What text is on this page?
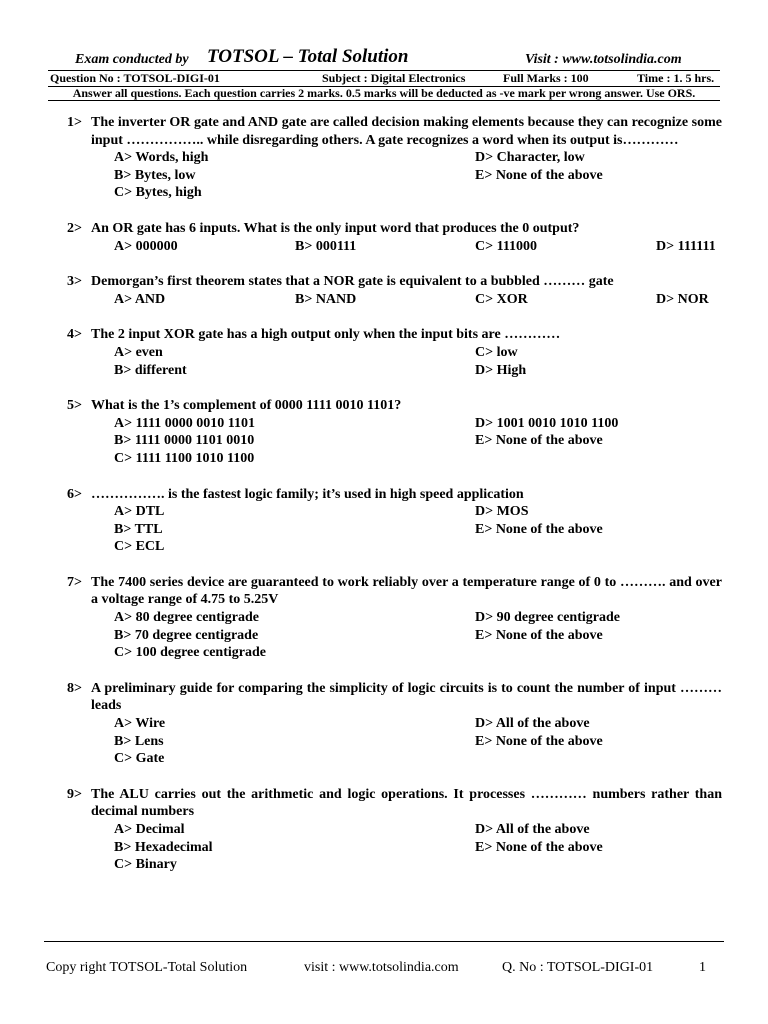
Exam conducted by TOTSOL – Total Solution	Visit : www.totsolindia.com
Question No : TOTSOL-DIGI-01	Subject : Digital Electronics	Full Marks : 100	Time : 1. 5 hrs.
Answer all questions. Each question carries 2 marks. 0.5 marks will be deducted as -ve mark per wrong answer. Use ORS.
1> The inverter OR gate and AND gate are called decision making elements because they can recognize some input …………….. while disregarding others. A gate recognizes a word when its output is…………
A> Words, high	D> Character, low
B> Bytes, low	E> None of the above
C> Bytes, high
2> An OR gate has 6 inputs. What is the only input word that produces the 0 output?
A> 000000	B> 000111	C> 111000	D> 111111
3> Demorgan’s first theorem states that a NOR gate is equivalent to a bubbled ……… gate
A> AND	B> NAND	C> XOR	D> NOR
4> The 2 input XOR gate has a high output only when the input bits are …………
A> even	C> low
B> different	D> High
5> What is the 1’s complement of 0000 1111 0010 1101?
A> 1111 0000 0010 1101	D> 1001 0010 1010 1100
B> 1111 0000 1101 0010	E> None of the above
C> 1111 1100 1010 1100
6> ……………. is the fastest logic family; it’s used in high speed application
A> DTL	D> MOS
B> TTL	E> None of the above
C> ECL
7> The 7400 series device are guaranteed to work reliably over a temperature range of 0 to ………. and over a voltage range of 4.75 to 5.25V
A> 80 degree centigrade	D> 90 degree centigrade
B> 70 degree centigrade	E> None of the above
C> 100 degree centigrade
8> A preliminary guide for comparing the simplicity of logic circuits is to count the number of input ……… leads
A> Wire	D> All of the above
B> Lens	E> None of the above
C> Gate
9> The ALU carries out the arithmetic and logic operations. It processes ………… numbers rather than decimal numbers
A> Decimal	D> All of the above
B> Hexadecimal	E> None of the above
C> Binary
Copy right TOTSOL-Total Solution	visit : www.totsolindia.com	Q. No : TOTSOL-DIGI-01	1
